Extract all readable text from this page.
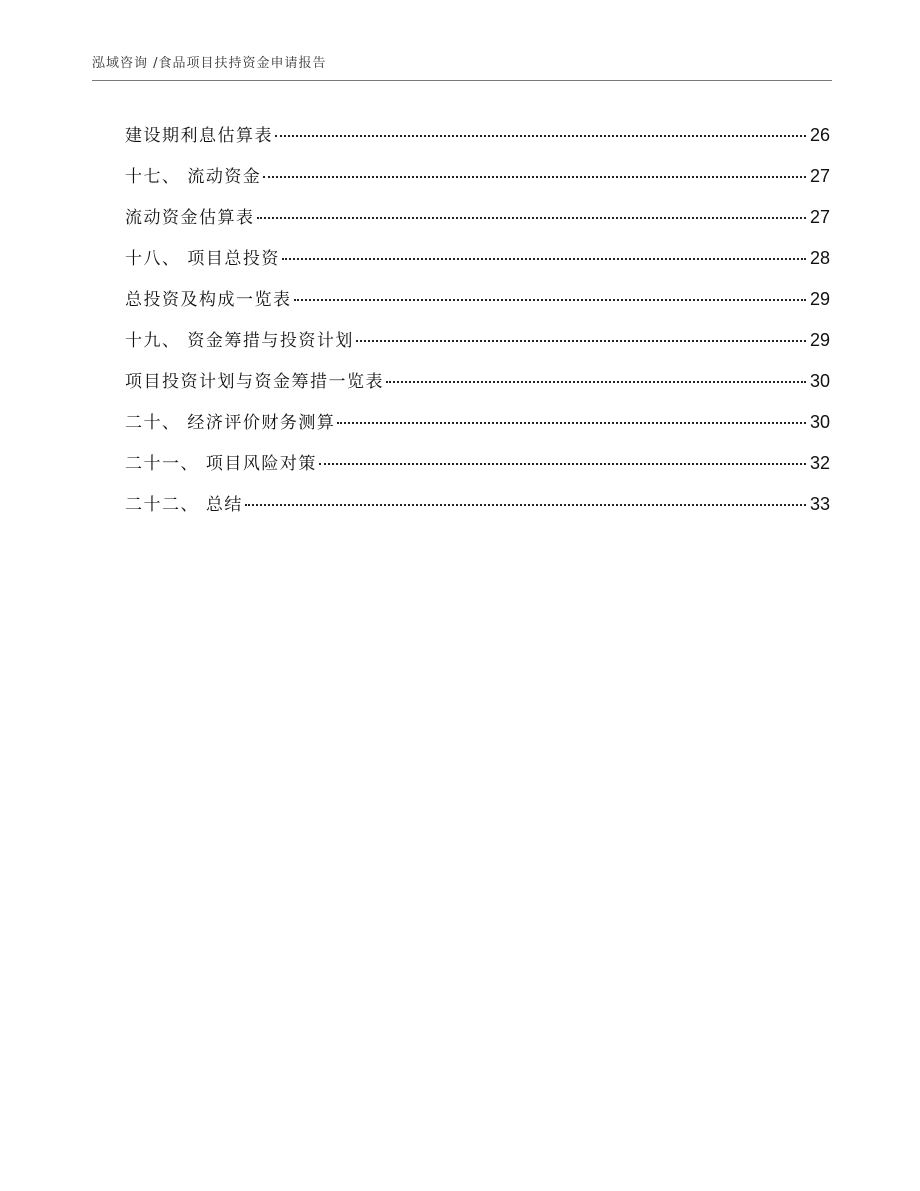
泓域咨询 /食品项目扶持资金申请报告
建设期利息估算表	26
十七、 流动资金	27
流动资金估算表	27
十八、 项目总投资	28
总投资及构成一览表	29
十九、 资金筹措与投资计划	29
项目投资计划与资金筹措一览表	30
二十、 经济评价财务测算	30
二十一、 项目风险对策	32
二十二、 总结	33
